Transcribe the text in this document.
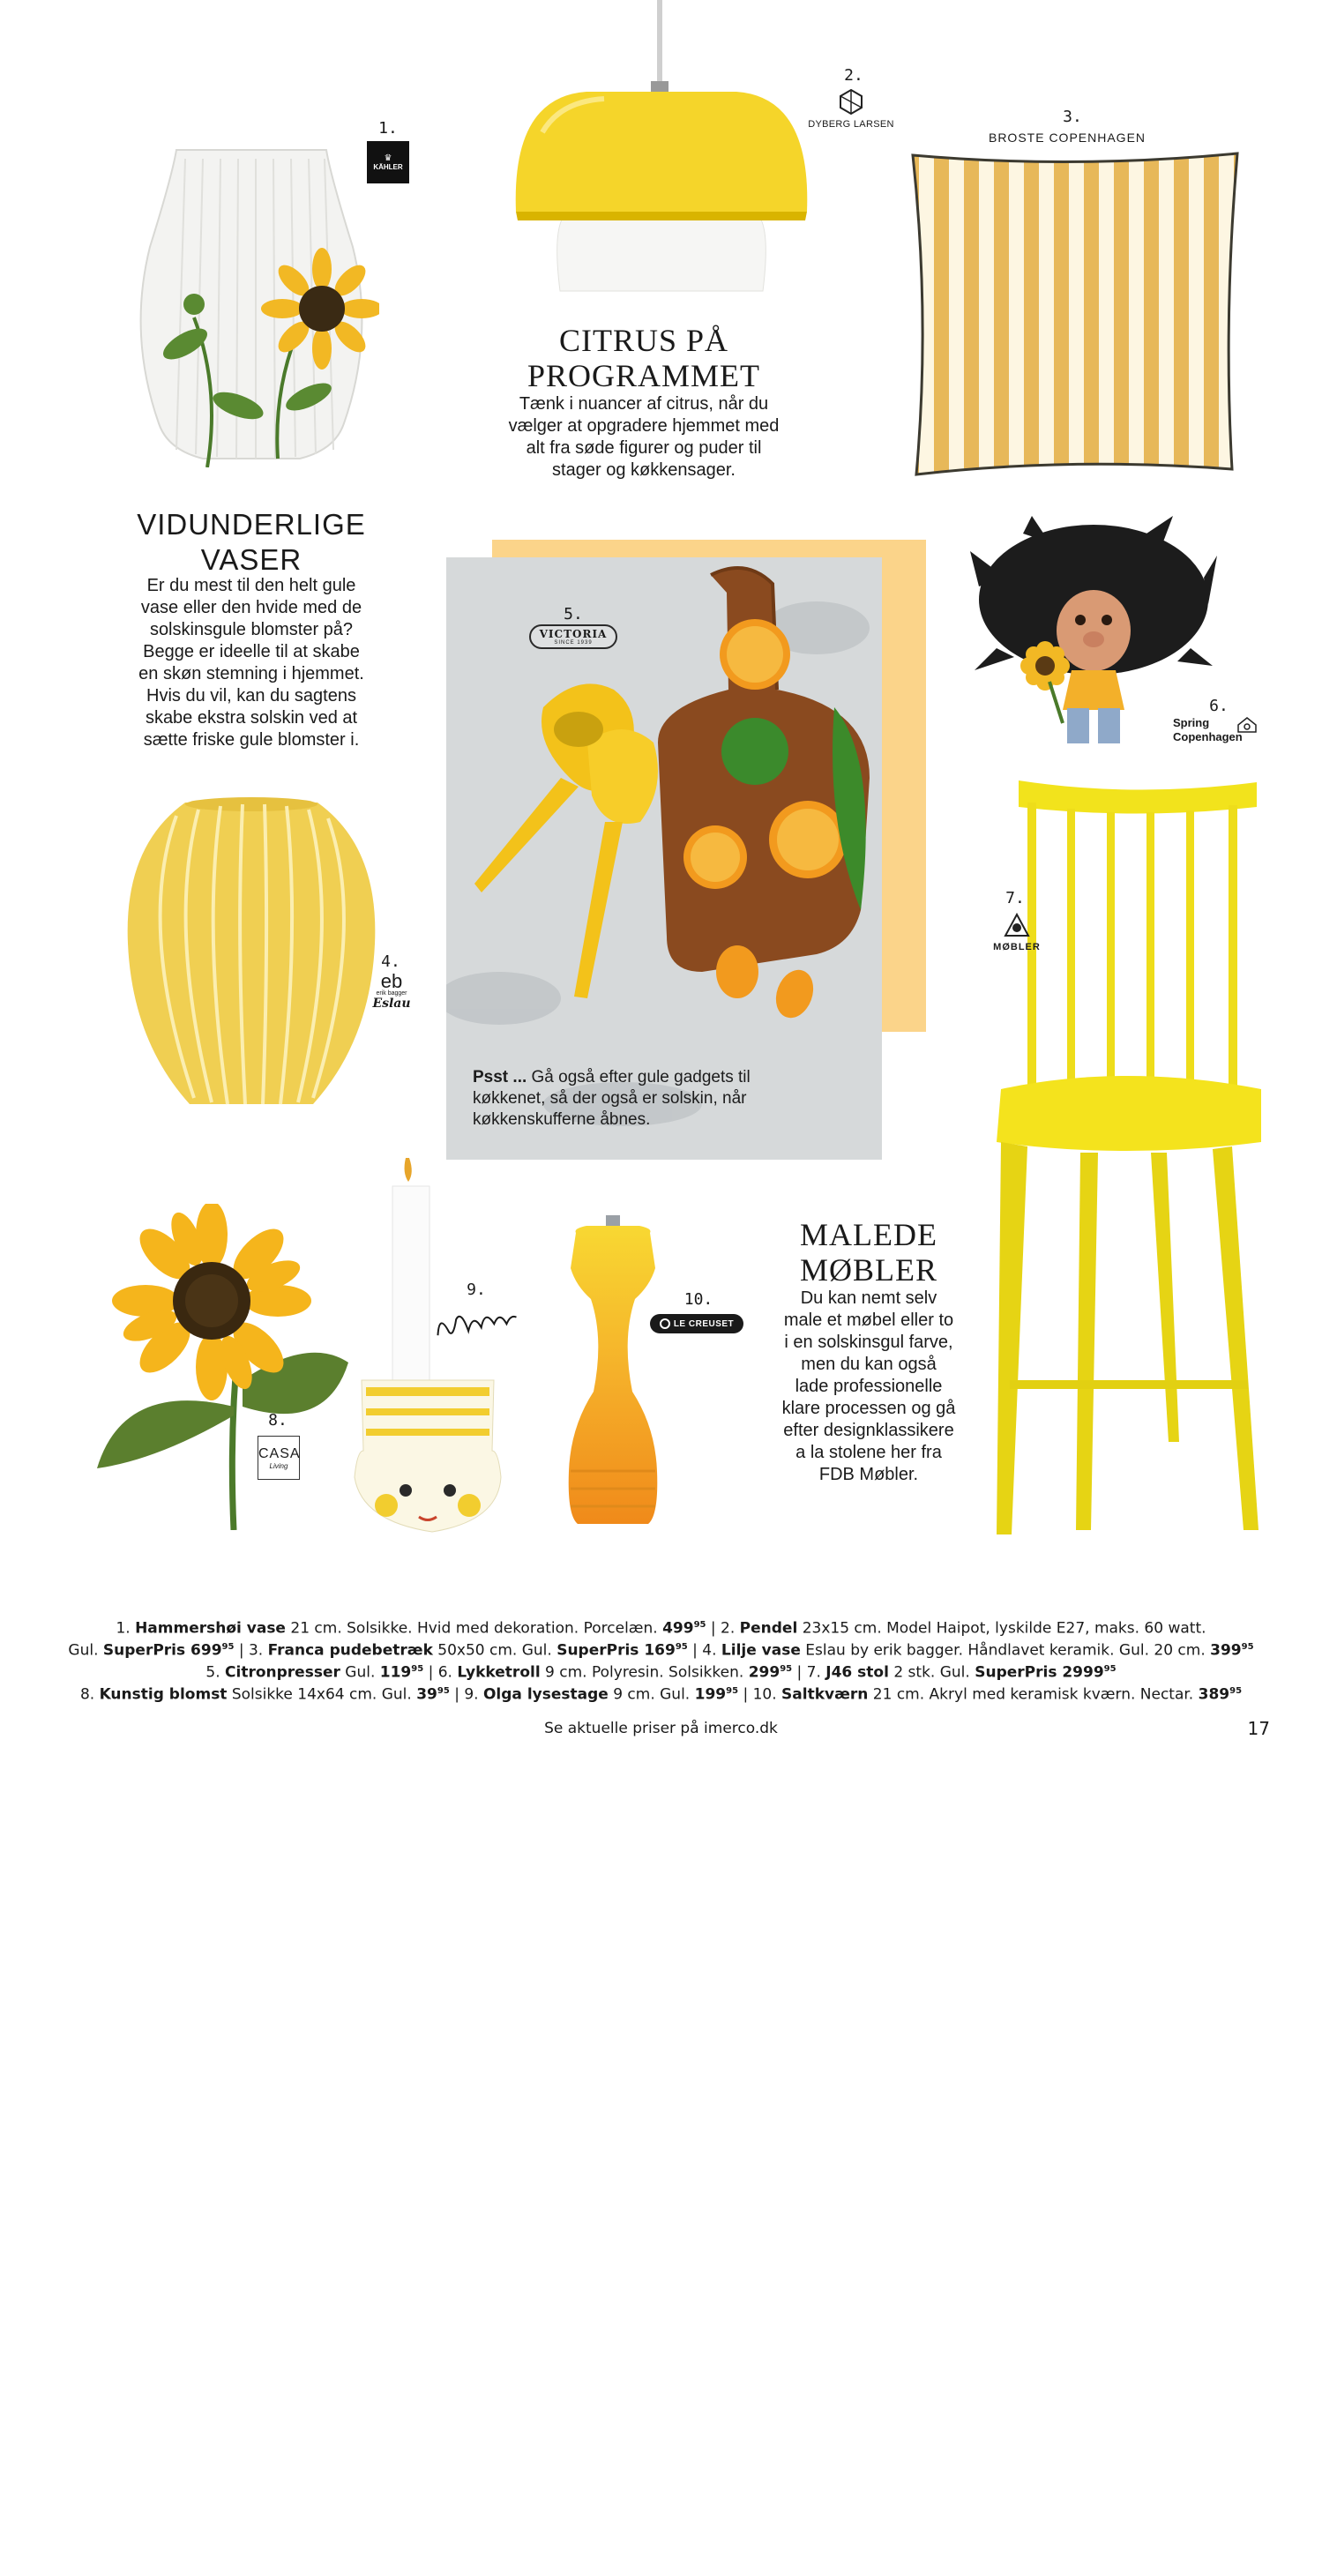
CITRUS PÅ
PROGRAMMET
Tænk i nuancer af citrus, når du
vælger at opgradere hjemmet med
alt fra søde figurer og puder til
stager og køkkensager.
VIDUNDERLIGE
VASER
Er du mest til den helt gule
vase eller den hvide med de
solskinsgule blomster på?
Begge er ideelle til at skabe
en skøn stemning i hjemmet.
Hvis du vil, kan du sagtens
skabe ekstra solskin ved at
sætte friske gule blomster i.
MALEDE
MØBLER
Du kan nemt selv
male et møbel eller to
i en solskinsgul farve,
men du kan også
lade professionelle
klare processen og gå
efter designklassikere
a la stolene her fra
FDB Møbler.
Psst ... Gå også efter gule gadgets til køkkenet, så der også er solskin, når køkkenskufferne åbnes.
1.
2.
3.
4.
5.
6.
7.
8.
9.
10.
♛
KÄHLER
DYBERG LARSEN
BROSTE COPENHAGEN
eb
erik bagger
Eslau
VICTORIA
SINCE 1939
Spring
Copenhagen
MØBLER
CASA
Living
LE CREUSET
1. Hammershøi vase 21 cm. Solsikke. Hvid med dekoration. Porcelæn. $499^{95}$ | 2. Pendel 23x15 cm. Model Haipot, lyskilde E27, maks. 60 watt.
Gul. SuperPris $699^{95}$ | 3. Franca pudebetræk 50x50 cm. Gul. SuperPris $169^{95}$ | 4. Lilje vase Eslau by erik bagger. Håndlavet keramik. Gul. 20 cm. $399^{95}$
5. Citronpresser Gul. $119^{95}$ | 6. Lykketroll 9 cm. Polyresin. Solsikken. $299^{95}$ | 7. J46 stol 2 stk. Gul. SuperPris 2999$^{95}$
8. Kunstig blomst Solsikke 14x64 cm. Gul. $39^{95}$ | 9. Olga lysestage 9 cm. Gul. $199^{95}$ | 10. Saltkværn 21 cm. Akryl med keramisk kværn. Nectar. $389^{95}$
Se aktuelle priser på imerco.dk	17
